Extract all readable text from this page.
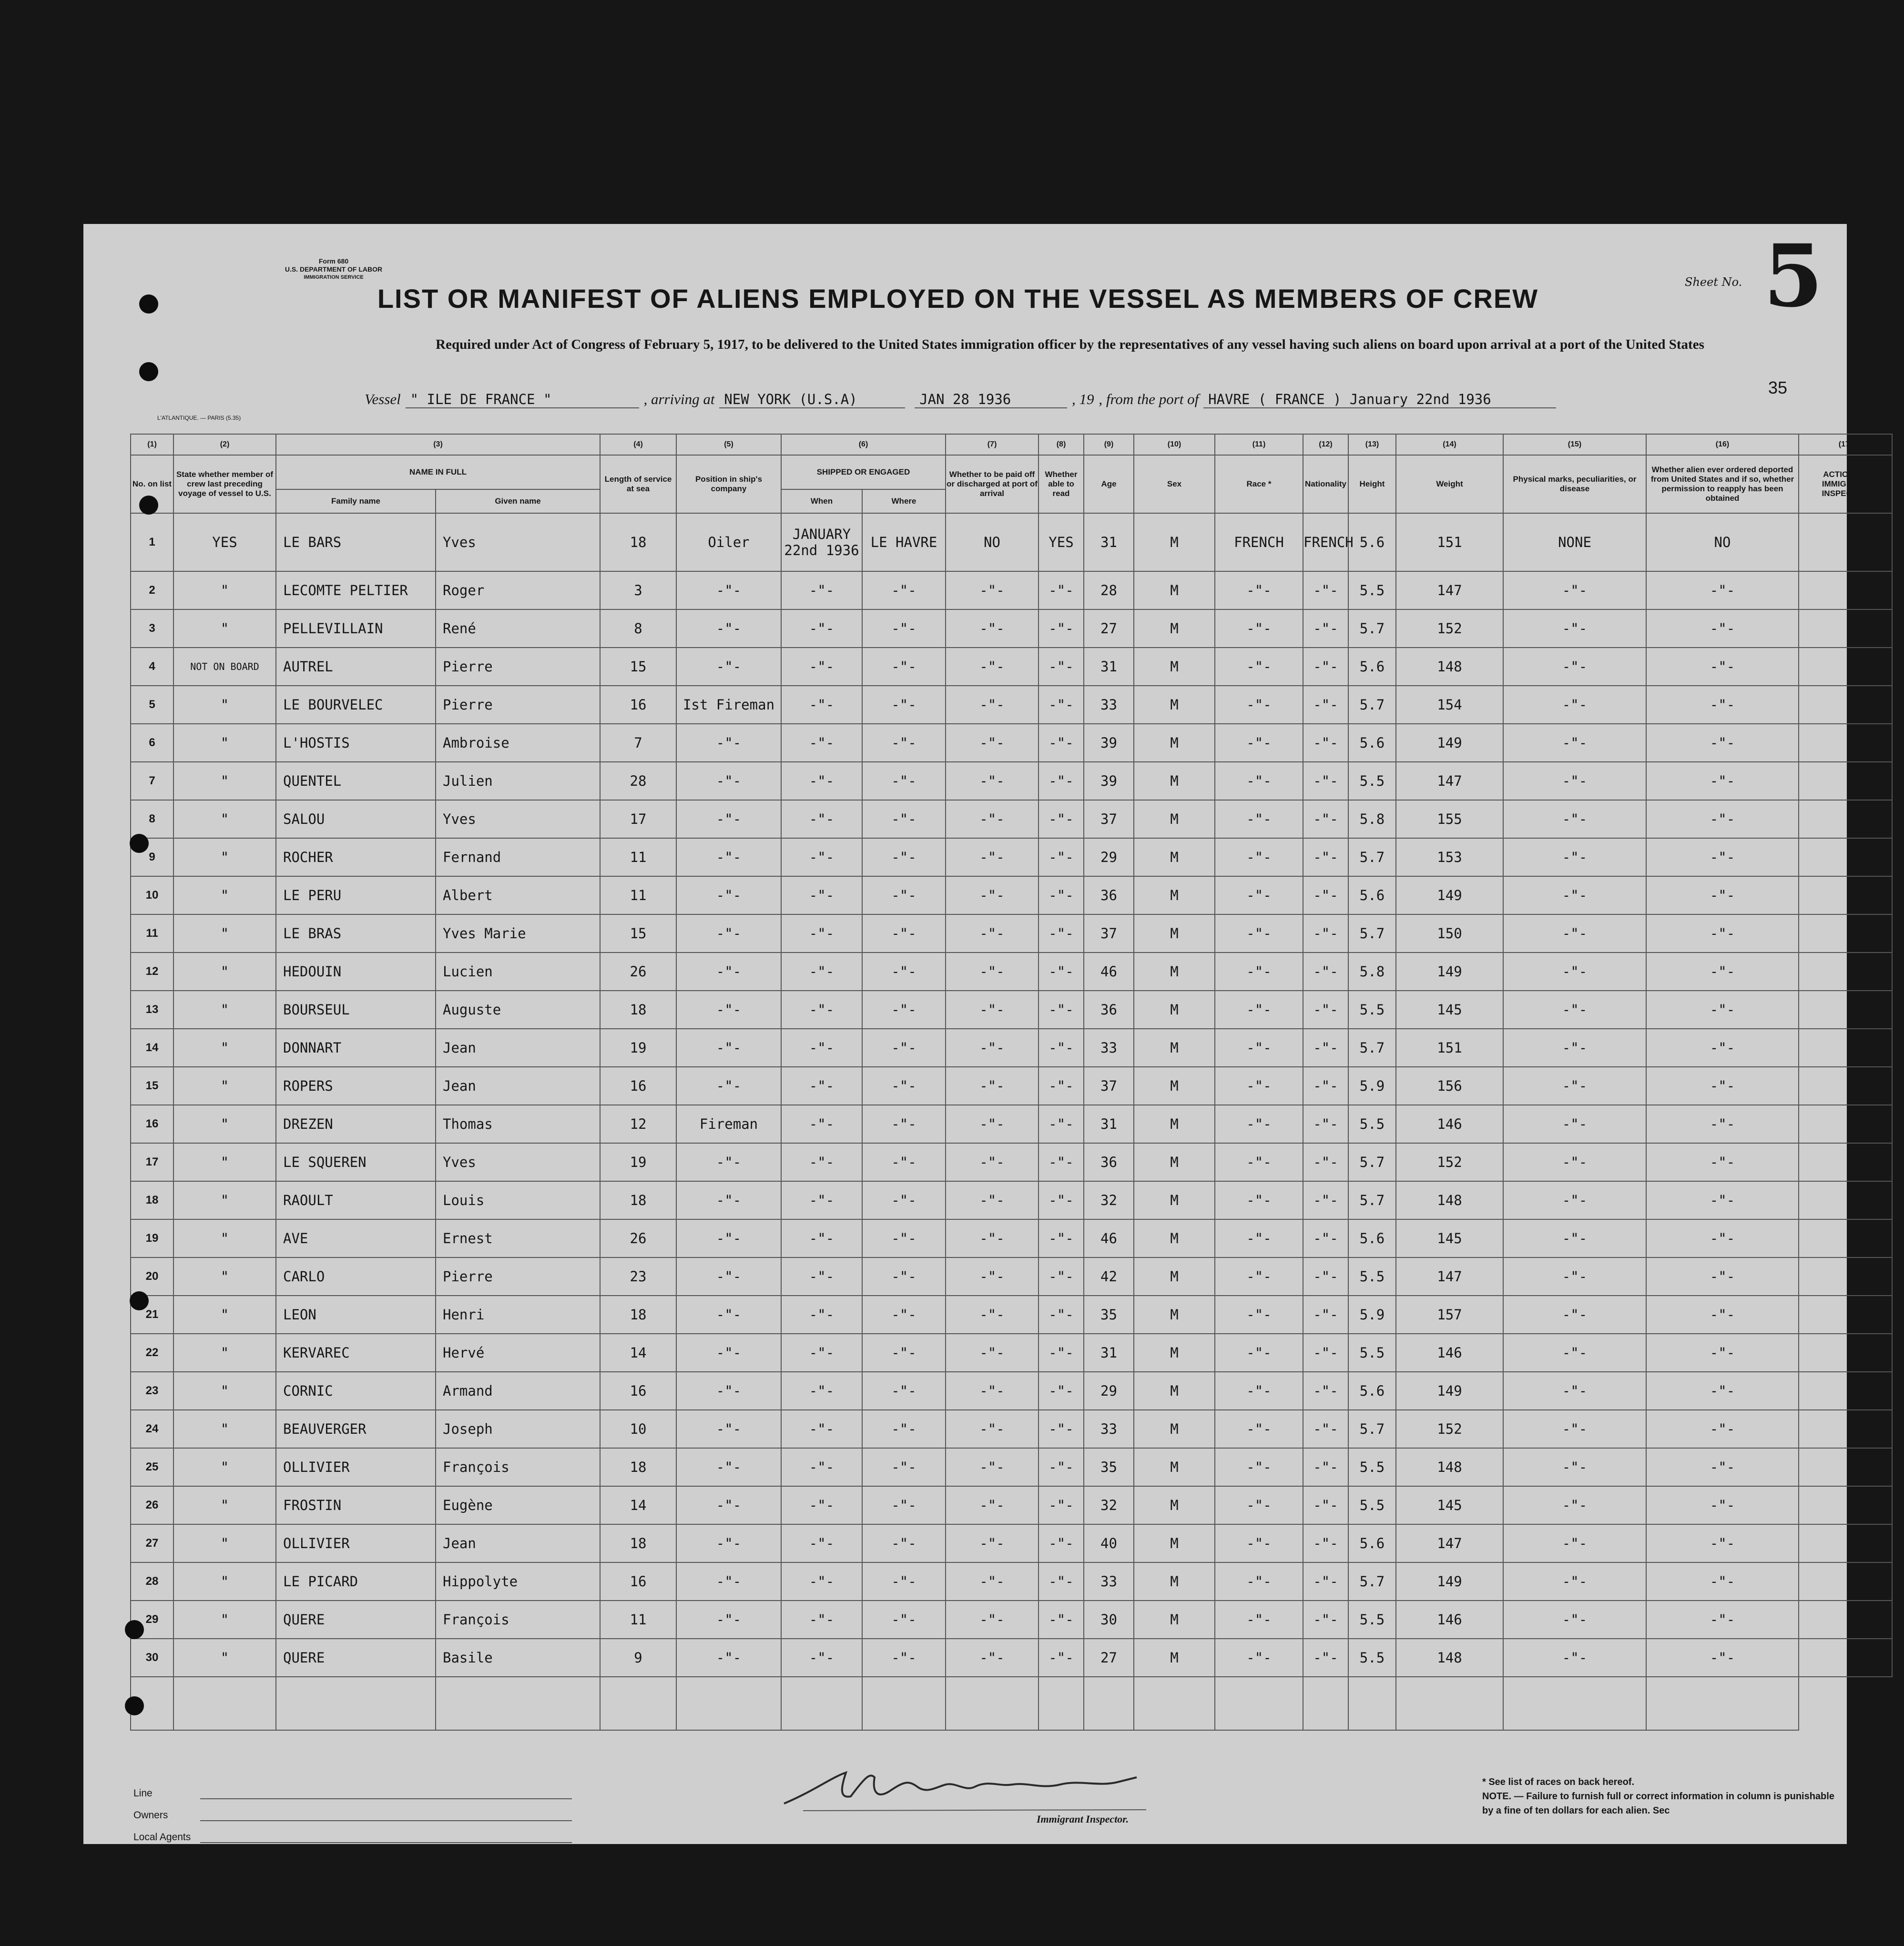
Form 680
U.S. DEPARTMENT OF LABOR
IMMIGRATION SERVICE
LIST OR MANIFEST OF ALIENS EMPLOYED ON THE VESSEL AS MEMBERS OF CREW
Sheet No. 5
Required under Act of Congress of February 5, 1917, to be delivered to the United States immigration officer by the representatives of any vessel having such aliens on board upon arrival at a port of the United States
Vessel " ILE DE FRANCE "	, arriving at NEW YORK (U.S.A)	JAN 28 1936	, 19 , from the port of HAVRE ( FRANCE ) January 22nd 1936
35
L'ATLANTIQUE. — PARIS (5.35)
(1)	(2)	(3)		(4)	(5)	(6)		(7)	(8)	(9)	(10)	(11)	(12)	(13)	(14)	(15)	(16)	(17)
No. on list	State whether member of crew last preceding voyage of vessel to U.S.	NAME IN FULL		Length of service at sea	Position in ship's company	SHIPPED OR ENGAGED		Whether to be paid off or discharged at port of arrival	Whether able to read	Age	Sex	Race *	Nationality	Height	Weight	Physical marks, peculiarities, or disease	Whether alien ever ordered deported from United States and if so, whether permission to reapply has been obtained	ACTION OF IMMIGRANT INSPECTOR
		Family name	Given name			When	Where											
1	YES	LE BARS	Yves	18	Oiler	JANUARY 22nd 1936	LE HAVRE	NO	YES	31	M	FRENCH	FRENCH	5.6	151	NONE	NO	
2	"	LECOMTE PELTIER	Roger	3	-"-	-"-	-"-	-"-	-"-	28	M	-"-	-"-	5.5	147	-"-	-"-	
3	"	PELLEVILLAIN	René	8	-"-	-"-	-"-	-"-	-"-	27	M	-"-	-"-	5.7	152	-"-	-"-	
4	NOT ON BOARD	AUTREL	Pierre	15	-"-	-"-	-"-	-"-	-"-	31	M	-"-	-"-	5.6	148	-"-	-"-	
5	"	LE BOURVELEC	Pierre	16	Ist Fireman	-"-	-"-	-"-	-"-	33	M	-"-	-"-	5.7	154	-"-	-"-	
6	"	L'HOSTIS	Ambroise	7	-"-	-"-	-"-	-"-	-"-	39	M	-"-	-"-	5.6	149	-"-	-"-	
7	"	QUENTEL	Julien	28	-"-	-"-	-"-	-"-	-"-	39	M	-"-	-"-	5.5	147	-"-	-"-	
8	"	SALOU	Yves	17	-"-	-"-	-"-	-"-	-"-	37	M	-"-	-"-	5.8	155	-"-	-"-	
9	"	ROCHER	Fernand	11	-"-	-"-	-"-	-"-	-"-	29	M	-"-	-"-	5.7	153	-"-	-"-	
10	"	LE PERU	Albert	11	-"-	-"-	-"-	-"-	-"-	36	M	-"-	-"-	5.6	149	-"-	-"-	
11	"	LE BRAS	Yves Marie	15	-"-	-"-	-"-	-"-	-"-	37	M	-"-	-"-	5.7	150	-"-	-"-	
12	"	HEDOUIN	Lucien	26	-"-	-"-	-"-	-"-	-"-	46	M	-"-	-"-	5.8	149	-"-	-"-	
13	"	BOURSEUL	Auguste	18	-"-	-"-	-"-	-"-	-"-	36	M	-"-	-"-	5.5	145	-"-	-"-	
14	"	DONNART	Jean	19	-"-	-"-	-"-	-"-	-"-	33	M	-"-	-"-	5.7	151	-"-	-"-	
15	"	ROPERS	Jean	16	-"-	-"-	-"-	-"-	-"-	37	M	-"-	-"-	5.9	156	-"-	-"-	
16	"	DREZEN	Thomas	12	Fireman	-"-	-"-	-"-	-"-	31	M	-"-	-"-	5.5	146	-"-	-"-	
17	"	LE SQUEREN	Yves	19	-"-	-"-	-"-	-"-	-"-	36	M	-"-	-"-	5.7	152	-"-	-"-	
18	"	RAOULT	Louis	18	-"-	-"-	-"-	-"-	-"-	32	M	-"-	-"-	5.7	148	-"-	-"-	
19	"	AVE	Ernest	26	-"-	-"-	-"-	-"-	-"-	46	M	-"-	-"-	5.6	145	-"-	-"-	
20	"	CARLO	Pierre	23	-"-	-"-	-"-	-"-	-"-	42	M	-"-	-"-	5.5	147	-"-	-"-	
21	"	LEON	Henri	18	-"-	-"-	-"-	-"-	-"-	35	M	-"-	-"-	5.9	157	-"-	-"-	
22	"	KERVAREC	Hervé	14	-"-	-"-	-"-	-"-	-"-	31	M	-"-	-"-	5.5	146	-"-	-"-	
23	"	CORNIC	Armand	16	-"-	-"-	-"-	-"-	-"-	29	M	-"-	-"-	5.6	149	-"-	-"-	
24	"	BEAUVERGER	Joseph	10	-"-	-"-	-"-	-"-	-"-	33	M	-"-	-"-	5.7	152	-"-	-"-	
25	"	OLLIVIER	François	18	-"-	-"-	-"-	-"-	-"-	35	M	-"-	-"-	5.5	148	-"-	-"-	
26	"	FROSTIN	Eugène	14	-"-	-"-	-"-	-"-	-"-	32	M	-"-	-"-	5.5	145	-"-	-"-	
27	"	OLLIVIER	Jean	18	-"-	-"-	-"-	-"-	-"-	40	M	-"-	-"-	5.6	147	-"-	-"-	
28	"	LE PICARD	Hippolyte	16	-"-	-"-	-"-	-"-	-"-	33	M	-"-	-"-	5.7	149	-"-	-"-	
29	"	QUERE	François	11	-"-	-"-	-"-	-"-	-"-	30	M	-"-	-"-	5.5	146	-"-	-"-	
30	"	QUERE	Basile	9	-"-	-"-	-"-	-"-	-"-	27	M	-"-	-"-	5.5	148	-"-	-"-	

Line
Owners
Local Agents
Immigrant Inspector.
* See list of races on back hereof.
NOTE. — Failure to furnish full or correct information in column is punishable by a fine of ten dollars for each alien. Sec
